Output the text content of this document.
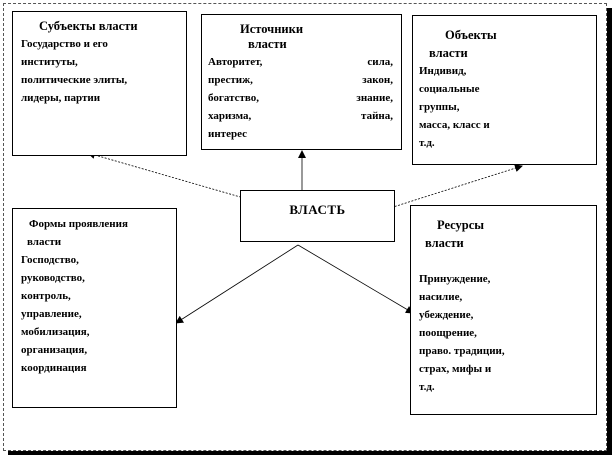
Субъекты власти
Государство и его
институты,
политические элиты,
лидеры, партии
Источники
власти
Авторитет,	сила,
престиж,	закон,
богатство,	знание,
харизма,	тайна,
интерес
Объекты
власти
Индивид,
социальные
группы,
масса, класс и
т.д.
Формы проявления
власти
Господство,
руководство,
контроль,
управление,
мобилизация,
организация,
координация
Ресурсы
власти
Принуждение,
насилие,
убеждение,
поощрение,
право. традиции,
страх, мифы и
т.д.
ВЛАСТЬ
